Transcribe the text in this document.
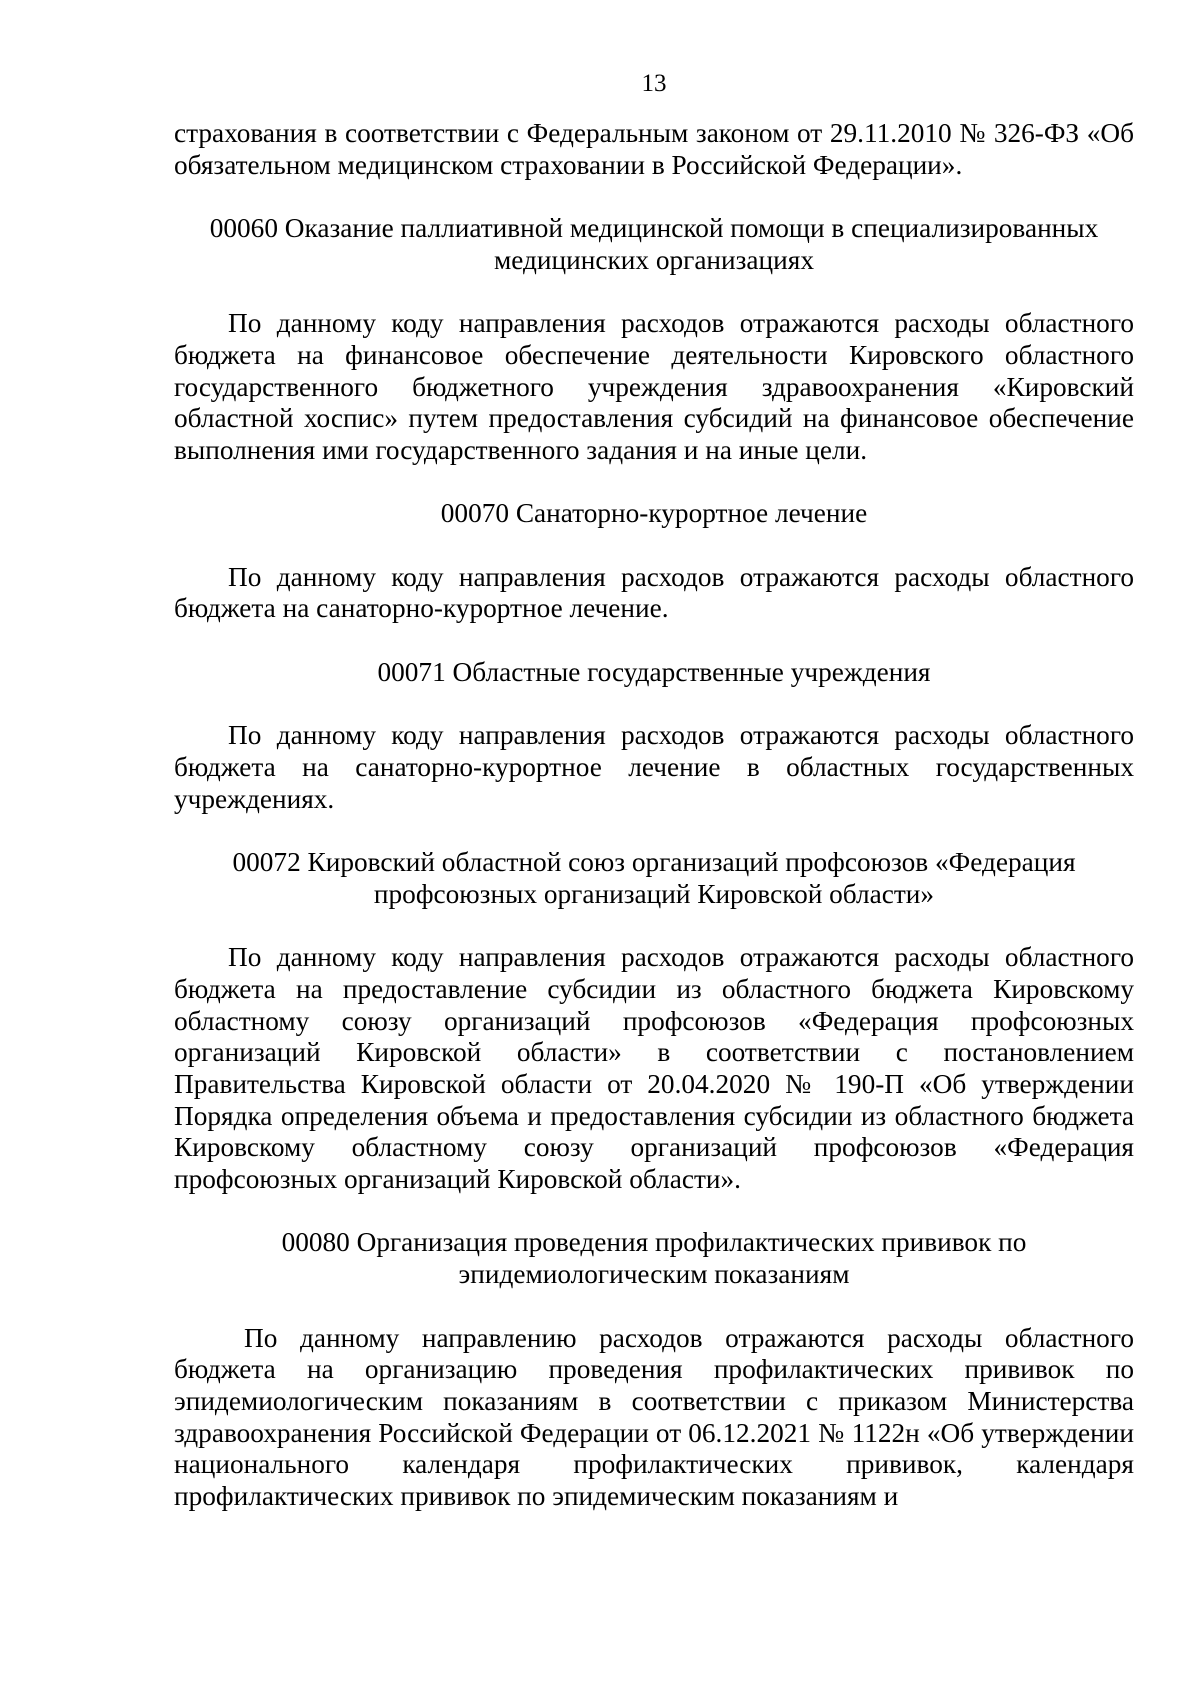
13

страхования в соответствии с Федеральным законом от 29.11.2010 № 326-ФЗ «Об обязательном медицинском страховании в Российской Федерации».

00060 Оказание паллиативной медицинской помощи в специализированных
медицинских организациях

По данному коду направления расходов отражаются расходы областного бюджета на финансовое обеспечение деятельности Кировского областного государственного бюджетного учреждения здравоохранения «Кировский областной хоспис» путем предоставления субсидий на финансовое обеспечение выполнения ими государственного задания и на иные цели.

00070 Санаторно-курортное лечение

По данному коду направления расходов отражаются расходы областного бюджета на санаторно-курортное лечение.

00071 Областные государственные учреждения

По данному коду направления расходов отражаются расходы областного бюджета на санаторно-курортное лечение в областных государственных учреждениях.

00072 Кировский областной союз организаций профсоюзов «Федерация
профсоюзных организаций Кировской области»

По данному коду направления расходов отражаются расходы областного бюджета на предоставление субсидии из областного бюджета Кировскому областному союзу организаций профсоюзов «Федерация профсоюзных организаций Кировской области» в соответствии с постановлением Правительства Кировской области от 20.04.2020 № 190-П «Об утверждении Порядка определения объема и предоставления субсидии из областного бюджета Кировскому областному союзу организаций профсоюзов «Федерация профсоюзных организаций Кировской области».

00080 Организация проведения профилактических прививок по
эпидемиологическим показаниям

По данному направлению расходов отражаются расходы областного бюджета на организацию проведения профилактических прививок по эпидемиологическим показаниям в соответствии с приказом Министерства здравоохранения Российской Федерации от 06.12.2021 № 1122н «Об утверждении национального календаря профилактических прививок, календаря профилактических прививок по эпидемическим показаниям и
